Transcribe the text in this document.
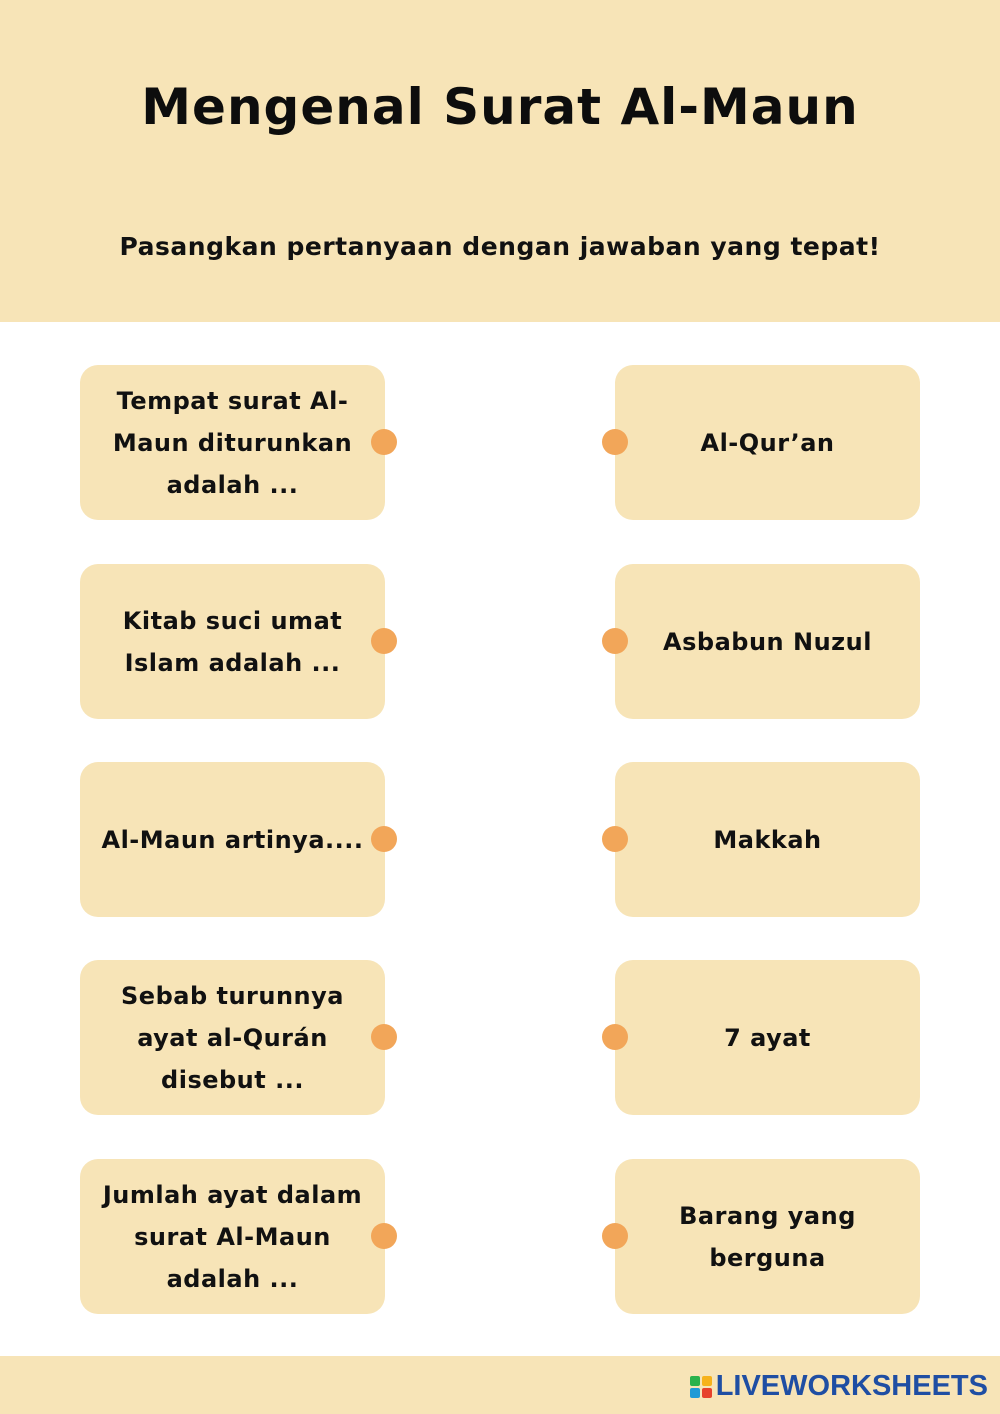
Mengenal Surat Al-Maun
Pasangkan pertanyaan dengan jawaban yang tepat!
Tempat surat Al-Maun diturunkan adalah ...
Al-Qur’an
Kitab suci umat Islam adalah ...
Asbabun Nuzul
Al-Maun artinya....	Makkah
Sebab turunnya ayat al-Qurán disebut ...
7 ayat
Jumlah ayat dalam surat Al-Maun adalah ...
Barang yang berguna
LIVEWORKSHEETS
